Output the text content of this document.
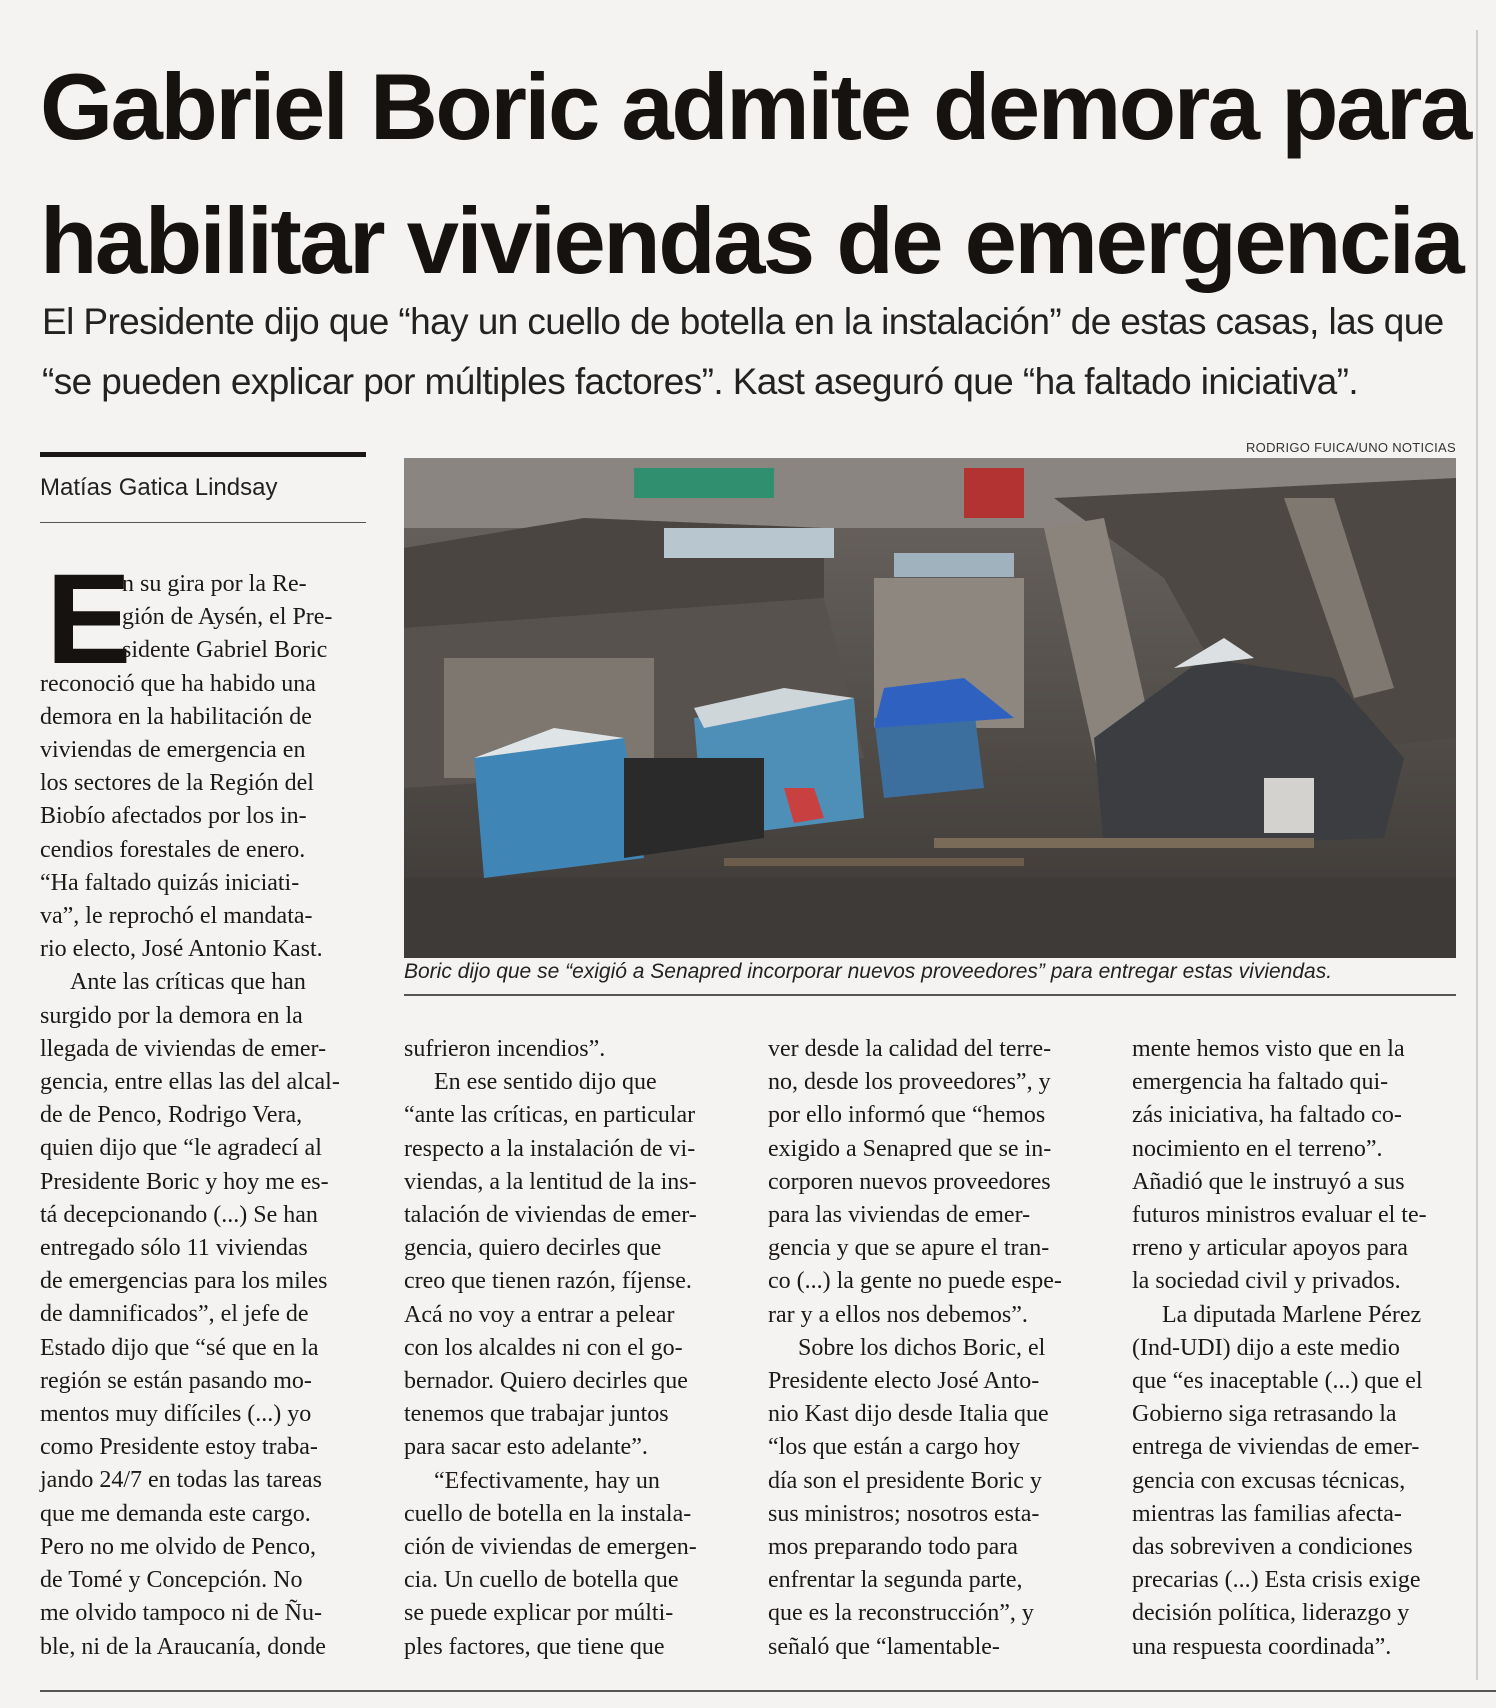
Gabriel Boric admite demora para
habilitar viviendas de emergencia

El Presidente dijo que “hay un cuello de botella en la instalación” de estas casas, las que
“se pueden explicar por múltiples factores”. Kast aseguró que “ha faltado iniciativa”.

Matías Gatica Lindsay
RODRIGO FUICA/UNO NOTICIAS
Boric dijo que se “exigió a Senapred incorporar nuevos proveedores” para entregar estas viviendas.
E
n su gira por la Re-
gión de Aysén, el Pre-
sidente Gabriel Boric
reconoció que ha habido una
demora en la habilitación de
viviendas de emergencia en
los sectores de la Región del
Biobío afectados por los in-
cendios forestales de enero.
“Ha faltado quizás iniciati-
va”, le reprochó el mandata-
rio electo, José Antonio Kast.
Ante las críticas que han
surgido por la demora en la
llegada de viviendas de emer-
gencia, entre ellas las del alcal-
de de Penco, Rodrigo Vera,
quien dijo que “le agradecí al
Presidente Boric y hoy me es-
tá decepcionando (...) Se han
entregado sólo 11 viviendas
de emergencias para los miles
de damnificados”, el jefe de
Estado dijo que “sé que en la
región se están pasando mo-
mentos muy difíciles (...) yo
como Presidente estoy traba-
jando 24/7 en todas las tareas
que me demanda este cargo.
Pero no me olvido de Penco,
de Tomé y Concepción. No
me olvido tampoco ni de Ñu-
ble, ni de la Araucanía, donde
sufrieron incendios”.
En ese sentido dijo que
“ante las críticas, en particular
respecto a la instalación de vi-
viendas, a la lentitud de la ins-
talación de viviendas de emer-
gencia, quiero decirles que
creo que tienen razón, fíjense.
Acá no voy a entrar a pelear
con los alcaldes ni con el go-
bernador. Quiero decirles que
tenemos que trabajar juntos
para sacar esto adelante”.
“Efectivamente, hay un
cuello de botella en la instala-
ción de viviendas de emergen-
cia. Un cuello de botella que
se puede explicar por múlti-
ples factores, que tiene que
ver desde la calidad del terre-
no, desde los proveedores”, y
por ello informó que “hemos
exigido a Senapred que se in-
corporen nuevos proveedores
para las viviendas de emer-
gencia y que se apure el tran-
co (...) la gente no puede espe-
rar y a ellos nos debemos”.
Sobre los dichos Boric, el
Presidente electo José Anto-
nio Kast dijo desde Italia que
“los que están a cargo hoy
día son el presidente Boric y
sus ministros; nosotros esta-
mos preparando todo para
enfrentar la segunda parte,
que es la reconstrucción”, y
señaló que “lamentable-
mente hemos visto que en la
emergencia ha faltado qui-
zás iniciativa, ha faltado co-
nocimiento en el terreno”.
Añadió que le instruyó a sus
futuros ministros evaluar el te-
rreno y articular apoyos para
la sociedad civil y privados.
La diputada Marlene Pérez
(Ind-UDI) dijo a este medio
que “es inaceptable (...) que el
Gobierno siga retrasando la
entrega de viviendas de emer-
gencia con excusas técnicas,
mientras las familias afecta-
das sobreviven a condiciones
precarias (...) Esta crisis exige
decisión política, liderazgo y
una respuesta coordinada”.
